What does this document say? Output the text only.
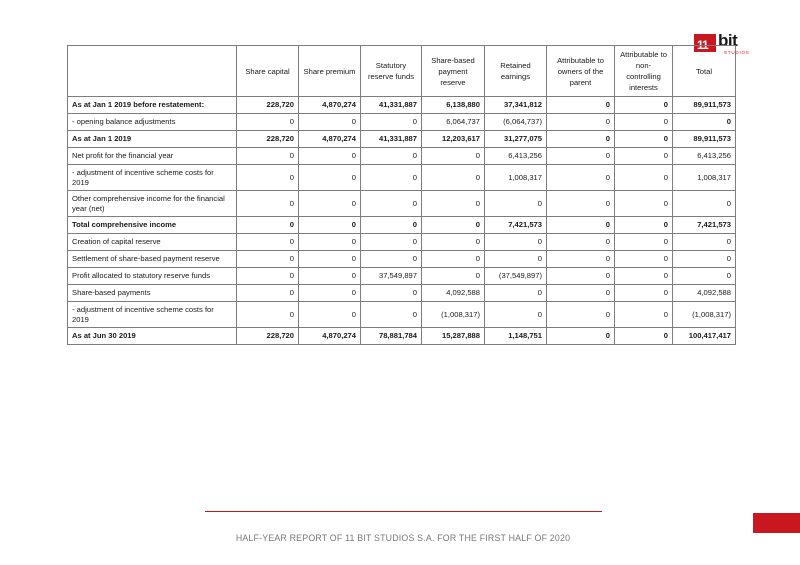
11 bit
STUDIOS
	Share capital	Share premium	Statutory reserve funds	Share-based payment reserve	Retained earnings	Attributable to owners of the parent	Attributable to non-controlling interests	Total
As at Jan 1 2019 before restatement:	228,720	4,870,274	41,331,887	6,138,880	37,341,812	0	0	89,911,573
- opening balance adjustments	0	0	0	6,064,737	(6,064,737)	0	0	0
As at Jan 1 2019	228,720	4,870,274	41,331,887	12,203,617	31,277,075	0	0	89,911,573
Net profit for the financial year	0	0	0	0	6,413,256	0	0	6,413,256
- adjustment of incentive scheme costs for 2019	0	0	0	0	1,008,317	0	0	1,008,317
Other comprehensive income for the financial year (net)	0	0	0	0	0	0	0	0
Total comprehensive income	0	0	0	0	7,421,573	0	0	7,421,573
Creation of capital reserve	0	0	0	0	0	0	0	0
Settlement of share-based payment reserve	0	0	0	0	0	0	0	0
Profit allocated to statutory reserve funds	0	0	37,549,897	0	(37,549,897)	0	0	0
Share-based payments	0	0	0	4,092,588	0	0	0	4,092,588
- adjustment of incentive scheme costs for 2019	0	0	0	(1,008,317)	0	0	0	(1,008,317)
As at Jun 30 2019	228,720	4,870,274	78,881,784	15,287,888	1,148,751	0	0	100,417,417
HALF-YEAR REPORT OF 11 BIT STUDIOS S.A. FOR THE FIRST HALF OF 2020
